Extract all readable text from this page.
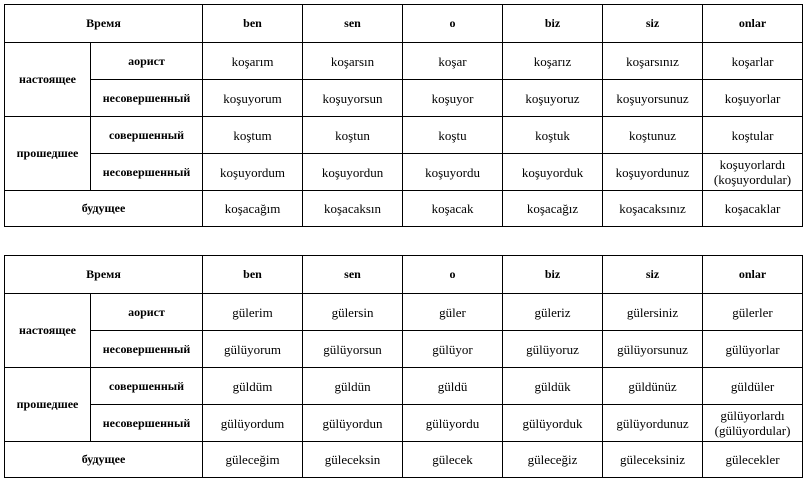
Время		ben	sen	o	biz	siz	onlar
настоящее	аорист	koşarım	koşarsın	koşar	koşarız	koşarsınız	koşarlar
	несовершенный	koşuyorum	koşuyorsun	koşuyor	koşuyoruz	koşuyorsunuz	koşuyorlar
прошедшее	совершенный	koştum	koştun	koştu	koştuk	koştunuz	koştular
	несовершенный	koşuyordum	koşuyordun	koşuyordu	koşuyorduk	koşuyordunuz	koşuyorlardı
(koşuyordular)
будущее		koşacağım	koşacaksın	koşacak	koşacağız	koşacaksınız	koşacaklar
Время		ben	sen	o	biz	siz	onlar
настоящее	аорист	gülerim	gülersin	güler	güleriz	gülersiniz	gülerler
	несовершенный	gülüyorum	gülüyorsun	gülüyor	gülüyoruz	gülüyorsunuz	gülüyorlar
прошедшее	совершенный	güldüm	güldün	güldü	güldük	güldünüz	güldüler
	несовершенный	gülüyordum	gülüyordun	gülüyordu	gülüyorduk	gülüyordunuz	gülüyorlardı
(gülüyordular)
будущее		güleceğim	güleceksin	gülecek	güleceğiz	güleceksiniz	gülecekler
